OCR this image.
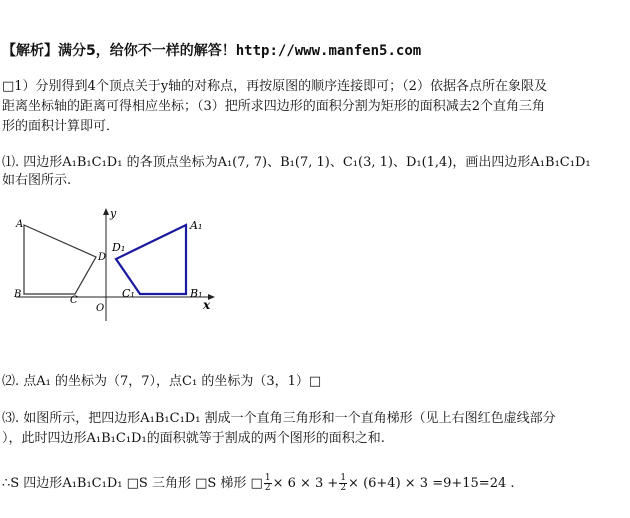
【解析】满分5，给你不一样的解答！http://www.manfen5.com
□1）分别得到4个顶点关于y轴的对称点，再按原图的顺序连接即可；（2）依据各点所在象限及
距离坐标轴的距离可得相应坐标；（3）把所求四边形的面积分割为矩形的面积减去2个直角三角
形的面积计算即可．
⑴. 四边形A₁B₁C₁D₁ 的各顶点坐标为A₁(7, 7)、B₁(7, 1)、C₁(3, 1)、D₁(1,4)，画出四边形A₁B₁C₁D₁
如右图所示.
x
y
O
A
B
C
D
A₁
B₁
C₁
D₁
⑵. 点A₁ 的坐标为（7，7），点C₁ 的坐标为（3，1）□
⑶. 如图所示，把四边形A₁B₁C₁D₁ 割成一个直角三角形和一个直角梯形（见上右图红色虚线部分
），此时四边形A₁B₁C₁D₁的面积就等于割成的两个图形的面积之和.
∴S 四边形A₁B₁C₁D₁ □S 三角形 □S 梯形 □ $\frac{1}{2} \times 6 \times 3 + \frac{1}{2} \times (6+4) \times 3 =9+15=24$ .
